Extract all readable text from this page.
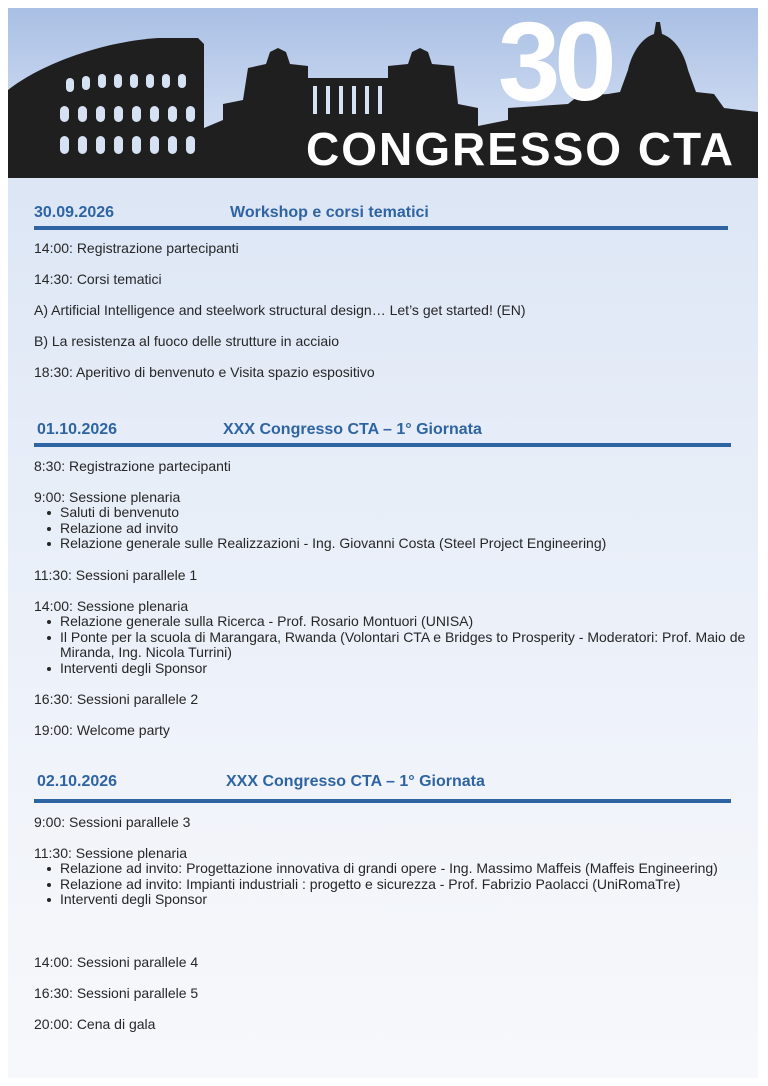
30
CONGRESSO CTA
30.09.2026	Workshop e corsi tematici
14:00: Registrazione partecipanti
14:30: Corsi tematici
A) Artificial Intelligence and steelwork structural design… Let’s get started! (EN)
B) La resistenza al fuoco delle strutture in acciaio
18:30: Aperitivo di benvenuto e Visita spazio espositivo
01.10.2026	XXX Congresso CTA – 1° Giornata
8:30: Registrazione partecipanti
9:00: Sessione plenaria
Saluti di benvenuto
Relazione ad invito
Relazione generale sulle Realizzazioni - Ing. Giovanni Costa (Steel Project Engineering)
11:30: Sessioni parallele 1
14:00: Sessione plenaria
Relazione generale sulla Ricerca - Prof. Rosario Montuori (UNISA)
Il Ponte per la scuola di Marangara, Rwanda (Volontari CTA e Bridges to Prosperity - Moderatori: Prof. Maio de Miranda, Ing. Nicola Turrini)
Interventi degli Sponsor
16:30: Sessioni parallele 2
19:00: Welcome party
02.10.2026	XXX Congresso CTA – 1° Giornata
9:00: Sessioni parallele 3
11:30: Sessione plenaria
Relazione ad invito: Progettazione innovativa di grandi opere - Ing. Massimo Maffeis (Maffeis Engineering)
Relazione ad invito: Impianti industriali : progetto e sicurezza - Prof. Fabrizio Paolacci (UniRomaTre)
Interventi degli Sponsor
14:00: Sessioni parallele 4
16:30: Sessioni parallele 5
20:00: Cena di gala
